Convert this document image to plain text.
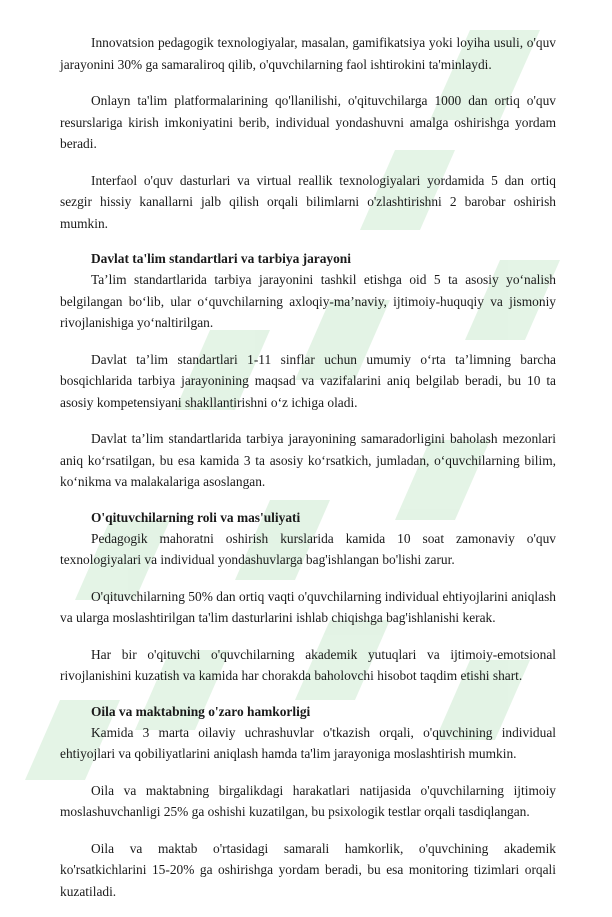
Innovatsion pedagogik texnologiyalar, masalan, gamifikatsiya yoki loyiha usuli, o'quv jarayonini 30% ga samaraliroq qilib, o'quvchilarning faol ishtirokini ta'minlaydi.

Onlayn ta'lim platformalarining qo'llanilishi, o'qituvchilarga 1000 dan ortiq o'quv resurslariga kirish imkoniyatini berib, individual yondashuvni amalga oshirishga yordam beradi.

Interfaol o'quv dasturlari va virtual reallik texnologiyalari yordamida 5 dan ortiq sezgir hissiy kanallarni jalb qilish orqali bilimlarni o'zlashtirishni 2 barobar oshirish mumkin.

Davlat ta'lim standartlari va tarbiya jarayoni

Ta’lim standartlarida tarbiya jarayonini tashkil etishga oid 5 ta asosiy yo‘nalish belgilangan bo‘lib, ular o‘quvchilarning axloqiy-ma’naviy, ijtimoiy-huquqiy va jismoniy rivojlanishiga yo‘naltirilgan.

Davlat ta’lim standartlari 1-11 sinflar uchun umumiy o‘rta ta’limning barcha bosqichlarida tarbiya jarayonining maqsad va vazifalarini aniq belgilab beradi, bu 10 ta asosiy kompetensiyani shakllantirishni o‘z ichiga oladi.

Davlat ta’lim standartlarida tarbiya jarayonining samaradorligini baholash mezonlari aniq ko‘rsatilgan, bu esa kamida 3 ta asosiy ko‘rsatkich, jumladan, o‘quvchilarning bilim, ko‘nikma va malakalariga asoslangan.

O'qituvchilarning roli va mas'uliyati

Pedagogik mahoratni oshirish kurslarida kamida 10 soat zamonaviy o'quv texnologiyalari va individual yondashuvlarga bag'ishlangan bo'lishi zarur.

O'qituvchilarning 50% dan ortiq vaqti o'quvchilarning individual ehtiyojlarini aniqlash va ularga moslashtirilgan ta'lim dasturlarini ishlab chiqishga bag'ishlanishi kerak.

Har bir o'qituvchi o'quvchilarning akademik yutuqlari va ijtimoiy-emotsional rivojlanishini kuzatish va kamida har chorakda baholovchi hisobot taqdim etishi shart.

Oila va maktabning o'zaro hamkorligi

Kamida 3 marta oilaviy uchrashuvlar o'tkazish orqali, o'quvchining individual ehtiyojlari va qobiliyatlarini aniqlash hamda ta'lim jarayoniga moslashtirish mumkin.

Oila va maktabning birgalikdagi harakatlari natijasida o'quvchilarning ijtimoiy moslashuvchanligi 25% ga oshishi kuzatilgan, bu psixologik testlar orqali tasdiqlangan.

Oila va maktab o'rtasidagi samarali hamkorlik, o'quvchining akademik ko'rsatkichlarini 15-20% ga oshirishga yordam beradi, bu esa monitoring tizimlari orqali kuzatiladi.
